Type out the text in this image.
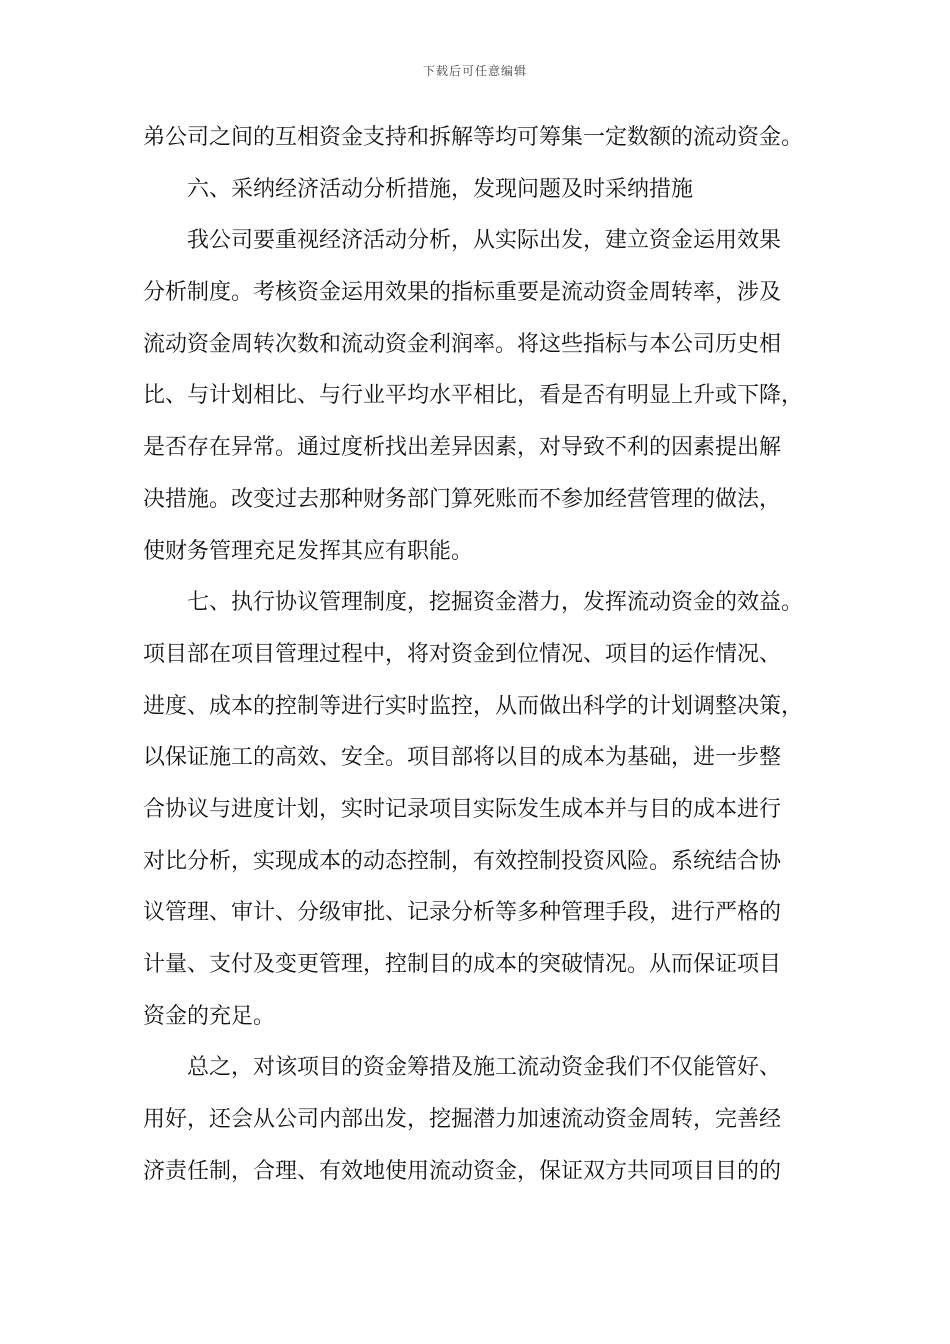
下载后可任意编辑
弟公司之间的互相资金支持和拆解等均可筹集一定数额的流动资金。
六、采纳经济活动分析措施，发现问题及时采纳措施
我公司要重视经济活动分析，从实际出发，建立资金运用效果
分析制度。考核资金运用效果的指标重要是流动资金周转率，涉及
流动资金周转次数和流动资金利润率。将这些指标与本公司历史相
比、与计划相比、与行业平均水平相比，看是否有明显上升或下降，
是否存在异常。通过度析找出差异因素，对导致不利的因素提出解
决措施。改变过去那种财务部门算死账而不参加经营管理的做法，
使财务管理充足发挥其应有职能。
七、执行协议管理制度，挖掘资金潜力，发挥流动资金的效益。
项目部在项目管理过程中，将对资金到位情况、项目的运作情况、
进度、成本的控制等进行实时监控，从而做出科学的计划调整决策，
以保证施工的高效、安全。项目部将以目的成本为基础，进一步整
合协议与进度计划，实时记录项目实际发生成本并与目的成本进行
对比分析，实现成本的动态控制，有效控制投资风险。系统结合协
议管理、审计、分级审批、记录分析等多种管理手段，进行严格的
计量、支付及变更管理，控制目的成本的突破情况。从而保证项目
资金的充足。
总之，对该项目的资金筹措及施工流动资金我们不仅能管好、
用好，还会从公司内部出发，挖掘潜力加速流动资金周转，完善经
济责任制，合理、有效地使用流动资金，保证双方共同项目目的的
